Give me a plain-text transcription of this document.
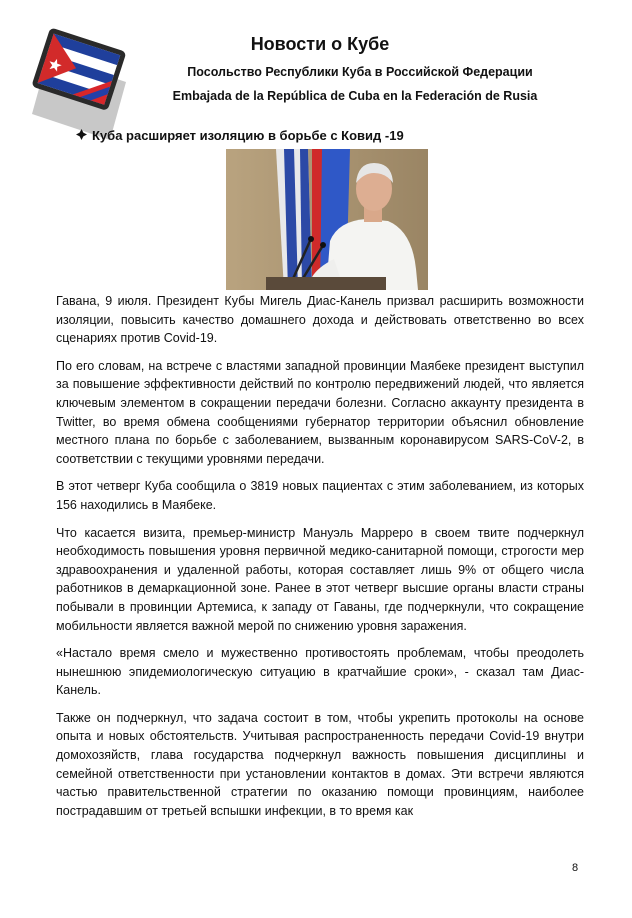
Новости о Кубе
Посольство Республики Куба в Российской Федерации
Embajada de la República de Cuba en la Federación de Rusia
Куба расширяет изоляцию в борьбе с Ковид -19

Гавана, 9 июля. Президент Кубы Мигель Диас-Канель призвал расширить возможности изоляции, повысить качество домашнего дохода и действовать ответственно во всех сценариях против Covid-19.

По его словам, на встрече с властями западной провинции Маябеке президент выступил за повышение эффективности действий по контролю передвижений людей, что является ключевым элементом в сокращении передачи болезни. Согласно аккаунту президента в Twitter, во время обмена сообщениями губернатор территории объяснил обновление местного плана по борьбе с заболеванием, вызванным коронавирусом SARS-CoV-2, в соответствии с текущими уровнями передачи.

В этот четверг Куба сообщила о 3819 новых пациентах с этим заболеванием, из которых 156 находились в Маябеке.

Что касается визита, премьер-министр Мануэль Марреро в своем твите подчеркнул необходимость повышения уровня первичной медико-санитарной помощи, строгости мер здравоохранения и удаленной работы, которая составляет лишь 9% от общего числа работников в демаркационной зоне. Ранее в этот четверг высшие органы власти страны побывали в провинции Артемиса, к западу от Гаваны, где подчеркнули, что сокращение мобильности является важной мерой по снижению уровня заражения.

«Настало время смело и мужественно противостоять проблемам, чтобы преодолеть нынешнюю эпидемиологическую ситуацию в кратчайшие сроки», - сказал там Диас-Канель.

Также он подчеркнул, что задача состоит в том, чтобы укрепить протоколы на основе опыта и новых обстоятельств. Учитывая распространенность передачи Covid-19 внутри домохозяйств, глава государства подчеркнул важность повышения дисциплины и семейной ответственности при установлении контактов в домах. Эти встречи являются частью правительственной стратегии по оказанию помощи провинциям, наиболее пострадавшим от третьей вспышки инфекции, в то время как

8
